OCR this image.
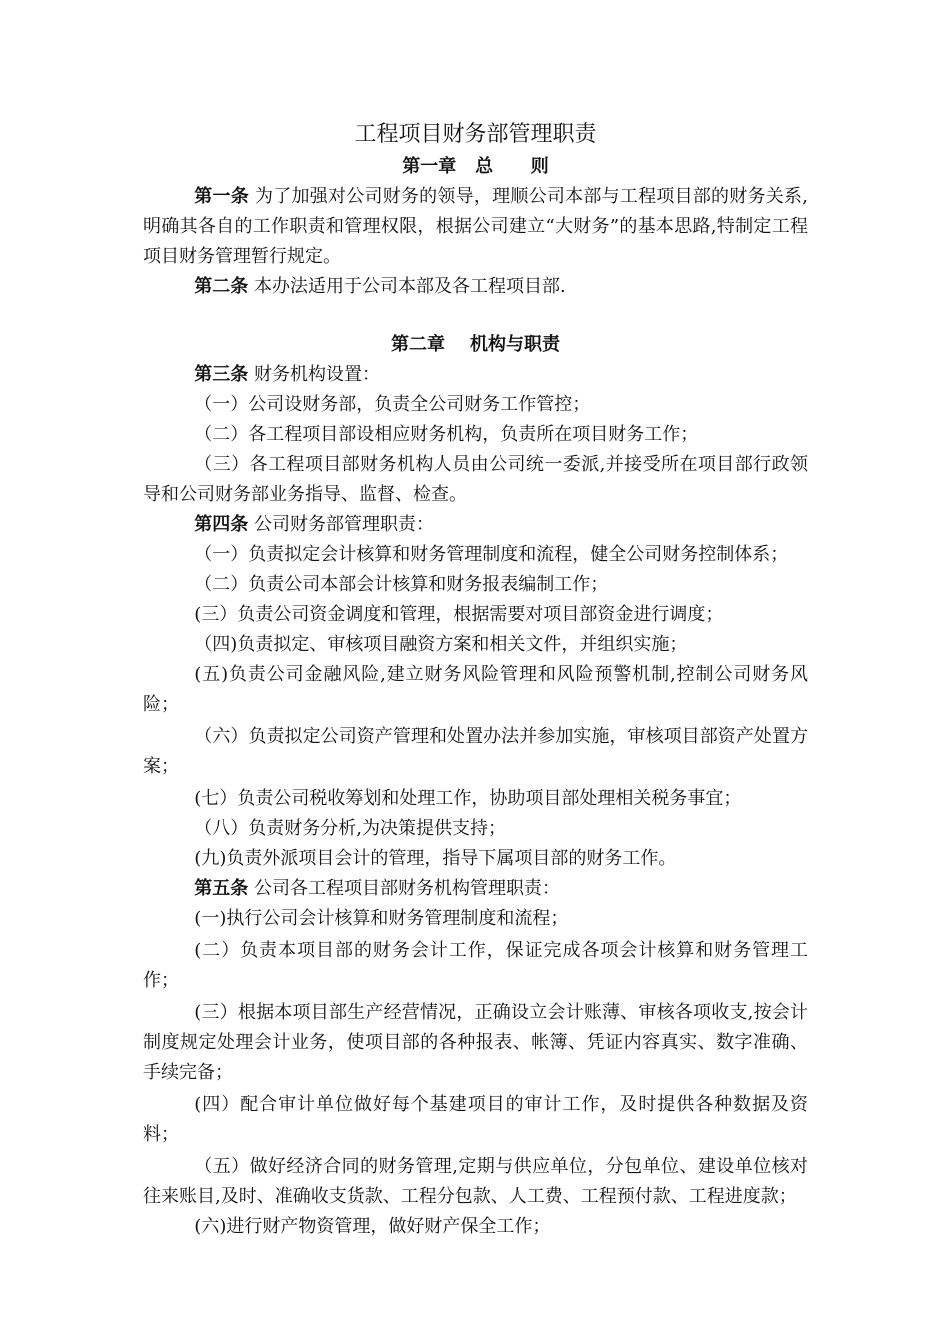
工程项目财务部管理职责
第一章   总      则

第一条 为了加强对公司财务的领导，理顺公司本部与工程项目部的财务关系,明确其各自的工作职责和管理权限，根据公司建立“大财务”的基本思路,特制定工程项目财务管理暂行规定。

第二条 本办法适用于公司本部及各工程项目部.

第二章    机构与职责

第三条 财务机构设置：

（一）公司设财务部，负责全公司财务工作管控；

（二）各工程项目部设相应财务机构，负责所在项目财务工作；

（三）各工程项目部财务机构人员由公司统一委派,并接受所在项目部行政领导和公司财务部业务指导、监督、检查。

第四条 公司财务部管理职责：

（一）负责拟定会计核算和财务管理制度和流程，健全公司财务控制体系；

（二）负责公司本部会计核算和财务报表编制工作；

(三）负责公司资金调度和管理，根据需要对项目部资金进行调度；

（四)负责拟定、审核项目融资方案和相关文件，并组织实施；

(五)负责公司金融风险,建立财务风险管理和风险预警机制,控制公司财务风险；

（六）负责拟定公司资产管理和处置办法并参加实施，审核项目部资产处置方案；

(七）负责公司税收筹划和处理工作，协助项目部处理相关税务事宜；

（八）负责财务分析,为决策提供支持；

(九)负责外派项目会计的管理，指导下属项目部的财务工作。

第五条 公司各工程项目部财务机构管理职责：

(一)执行公司会计核算和财务管理制度和流程；

(二）负责本项目部的财务会计工作，保证完成各项会计核算和财务管理工作；

(三）根据本项目部生产经营情况，正确设立会计账薄、审核各项收支,按会计制度规定处理会计业务，使项目部的各种报表、帐簿、凭证内容真实、数字准确、手续完备；

(四）配合审计单位做好每个基建项目的审计工作，及时提供各种数据及资料；

（五）做好经济合同的财务管理,定期与供应单位，分包单位、建设单位核对往来账目,及时、准确收支货款、工程分包款、人工费、工程预付款、工程进度款；

(六)进行财产物资管理，做好财产保全工作；
